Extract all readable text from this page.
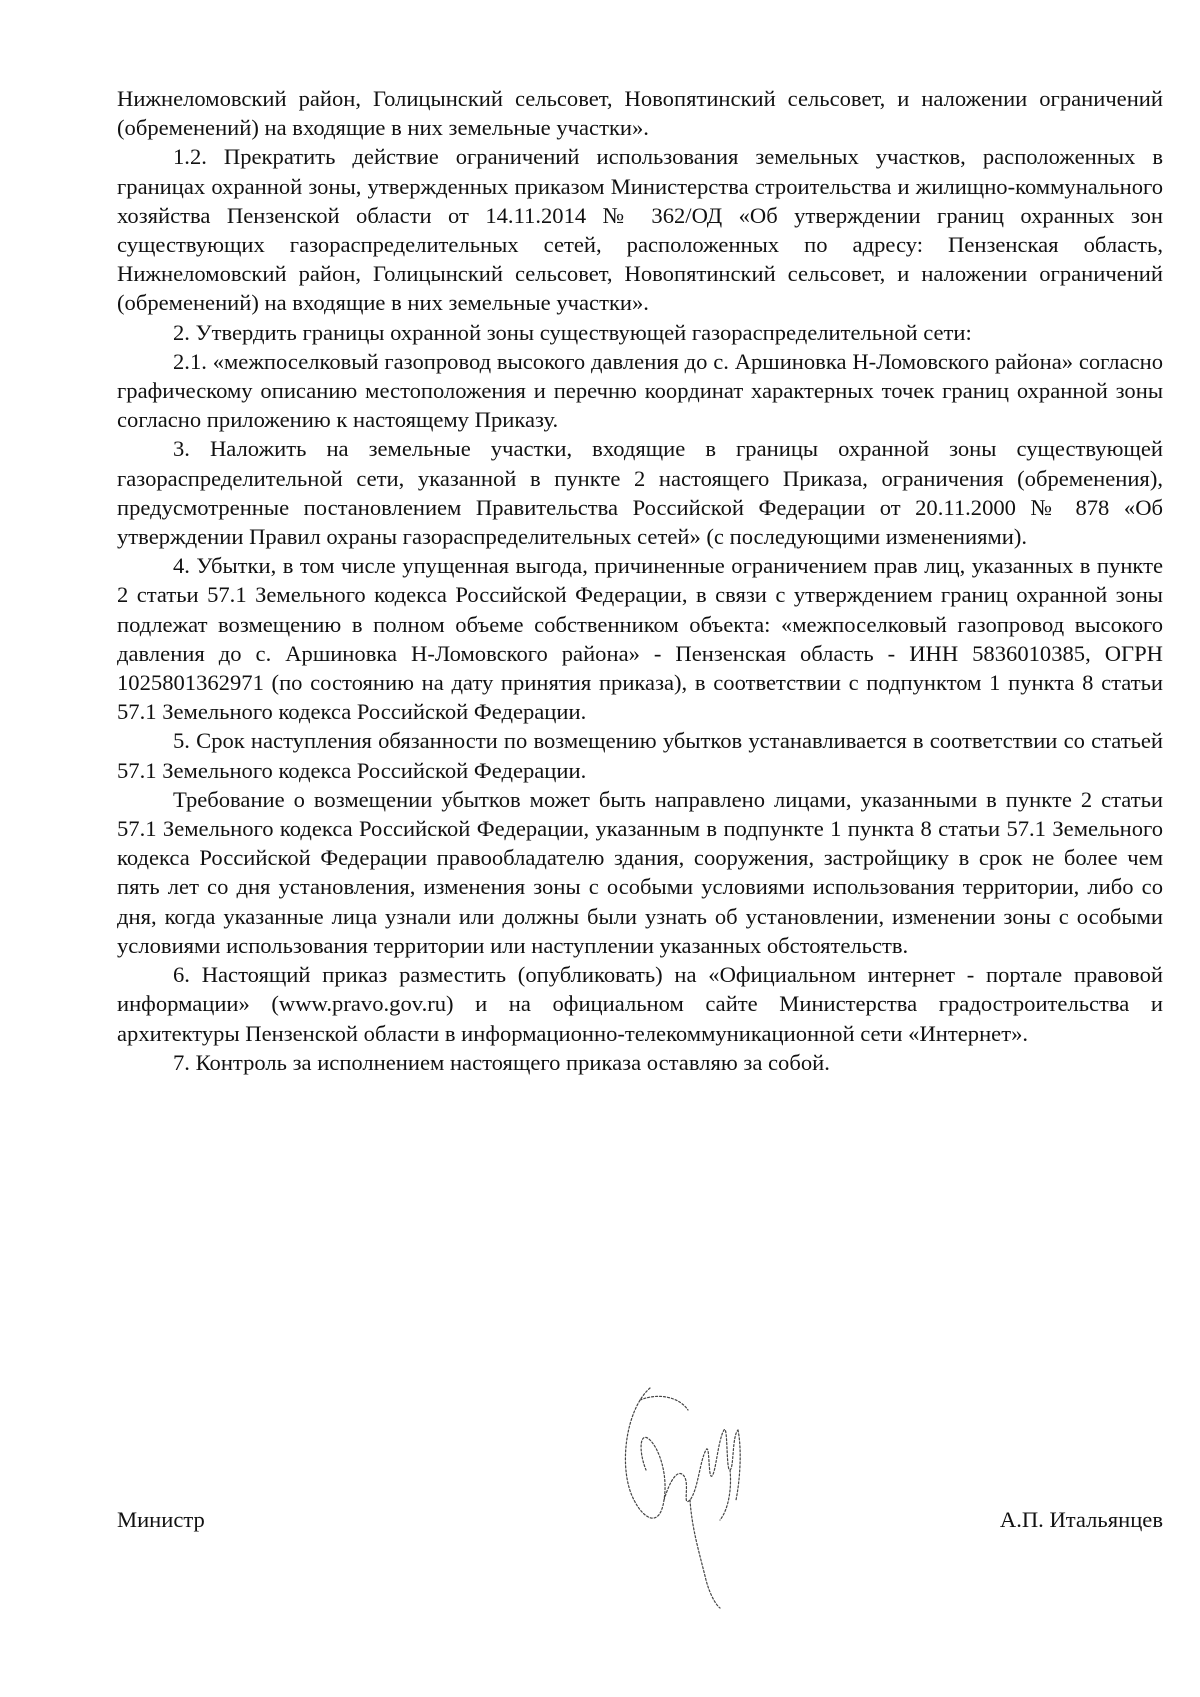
Нижнеломовский район, Голицынский сельсовет, Новопятинский сельсовет, и наложении ограничений (обременений) на входящие в них земельные участки».

1.2. Прекратить действие ограничений использования земельных участков, расположенных в границах охранной зоны, утвержденных приказом Министерства строительства и жилищно-коммунального хозяйства Пензенской области от 14.11.2014 № 362/ОД «Об утверждении границ охранных зон существующих газораспределительных сетей, расположенных по адресу: Пензенская область, Нижнеломовский район, Голицынский сельсовет, Новопятинский сельсовет, и наложении ограничений (обременений) на входящие в них земельные участки».

2. Утвердить границы охранной зоны существующей газораспределительной сети:

2.1. «межпоселковый газопровод высокого давления до с. Аршиновка Н-Ломовского района» согласно графическому описанию местоположения и перечню координат характерных точек границ охранной зоны согласно приложению к настоящему Приказу.

3. Наложить на земельные участки, входящие в границы охранной зоны существующей газораспределительной сети, указанной в пункте 2 настоящего Приказа, ограничения (обременения), предусмотренные постановлением Правительства Российской Федерации от 20.11.2000 № 878 «Об утверждении Правил охраны газораспределительных сетей» (с последующими изменениями).

4. Убытки, в том числе упущенная выгода, причиненные ограничением прав лиц, указанных в пункте 2 статьи 57.1 Земельного кодекса Российской Федерации, в связи с утверждением границ охранной зоны подлежат возмещению в полном объеме собственником объекта: «межпоселковый газопровод высокого давления до с. Аршиновка Н-Ломовского района» - Пензенская область - ИНН 5836010385, ОГРН 1025801362971 (по состоянию на дату принятия приказа), в соответствии с подпунктом 1 пункта 8 статьи 57.1 Земельного кодекса Российской Федерации.

5. Срок наступления обязанности по возмещению убытков устанавливается в соответствии со статьей 57.1 Земельного кодекса Российской Федерации.

Требование о возмещении убытков может быть направлено лицами, указанными в пункте 2 статьи 57.1 Земельного кодекса Российской Федерации, указанным в подпункте 1 пункта 8 статьи 57.1 Земельного кодекса Российской Федерации правообладателю здания, сооружения, застройщику в срок не более чем пять лет со дня установления, изменения зоны с особыми условиями использования территории, либо со дня, когда указанные лица узнали или должны были узнать об установлении, изменении зоны с особыми условиями использования территории или наступлении указанных обстоятельств.

6. Настоящий приказ разместить (опубликовать) на «Официальном интернет - портале правовой информации» (www.pravo.gov.ru) и на официальном сайте Министерства градостроительства и архитектуры Пензенской области в информационно-телекоммуникационной сети «Интернет».

7. Контроль за исполнением настоящего приказа оставляю за собой.

Министр	А.П. Итальянцев
